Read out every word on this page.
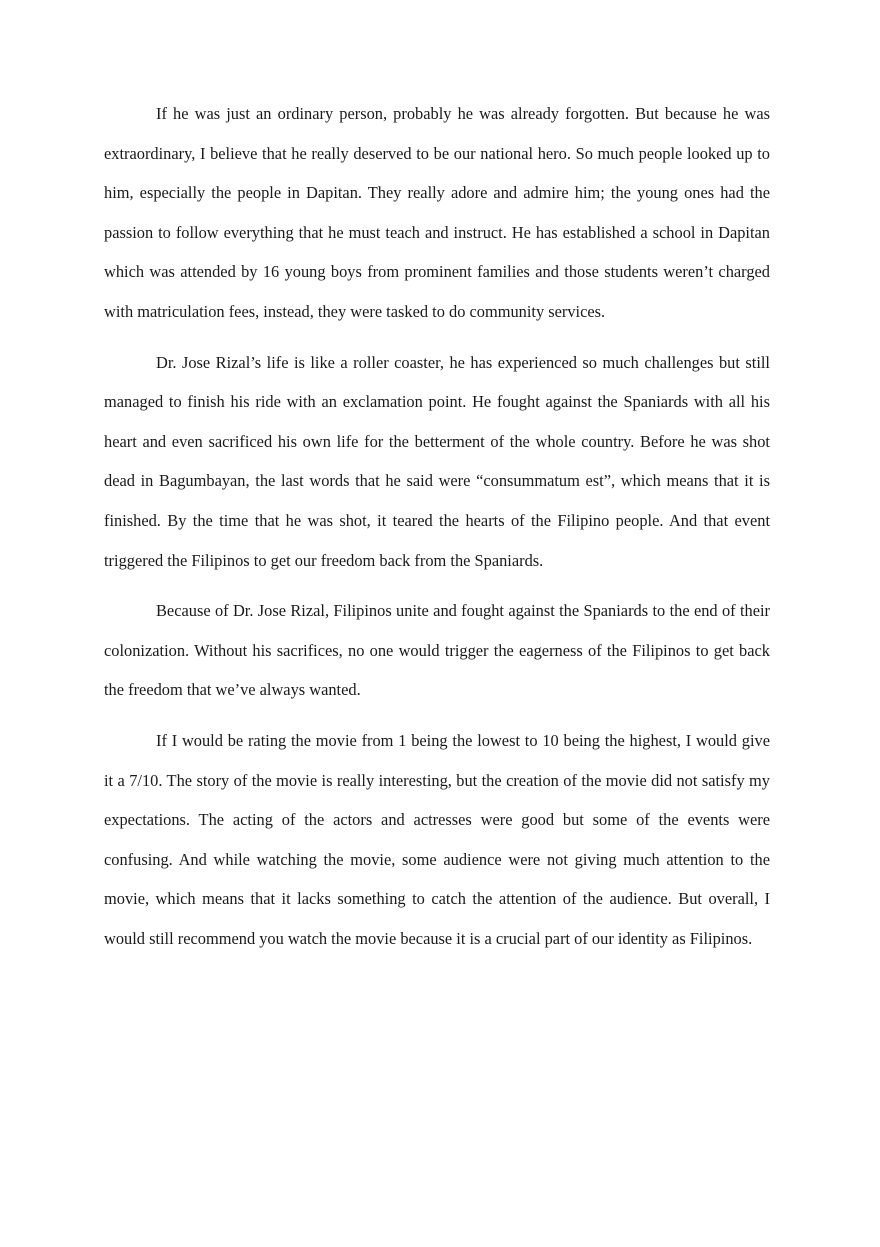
If he was just an ordinary person, probably he was already forgotten. But because he was extraordinary, I believe that he really deserved to be our national hero. So much people looked up to him, especially the people in Dapitan. They really adore and admire him; the young ones had the passion to follow everything that he must teach and instruct. He has established a school in Dapitan which was attended by 16 young boys from prominent families and those students weren’t charged with matriculation fees, instead, they were tasked to do community services.

Dr. Jose Rizal’s life is like a roller coaster, he has experienced so much challenges but still managed to finish his ride with an exclamation point. He fought against the Spaniards with all his heart and even sacrificed his own life for the betterment of the whole country. Before he was shot dead in Bagumbayan, the last words that he said were “consummatum est”, which means that it is finished. By the time that he was shot, it teared the hearts of the Filipino people. And that event triggered the Filipinos to get our freedom back from the Spaniards.

Because of Dr. Jose Rizal, Filipinos unite and fought against the Spaniards to the end of their colonization. Without his sacrifices, no one would trigger the eagerness of the Filipinos to get back the freedom that we’ve always wanted.

If I would be rating the movie from 1 being the lowest to 10 being the highest, I would give it a 7/10. The story of the movie is really interesting, but the creation of the movie did not satisfy my expectations. The acting of the actors and actresses were good but some of the events were confusing. And while watching the movie, some audience were not giving much attention to the movie, which means that it lacks something to catch the attention of the audience. But overall, I would still recommend you watch the movie because it is a crucial part of our identity as Filipinos.
